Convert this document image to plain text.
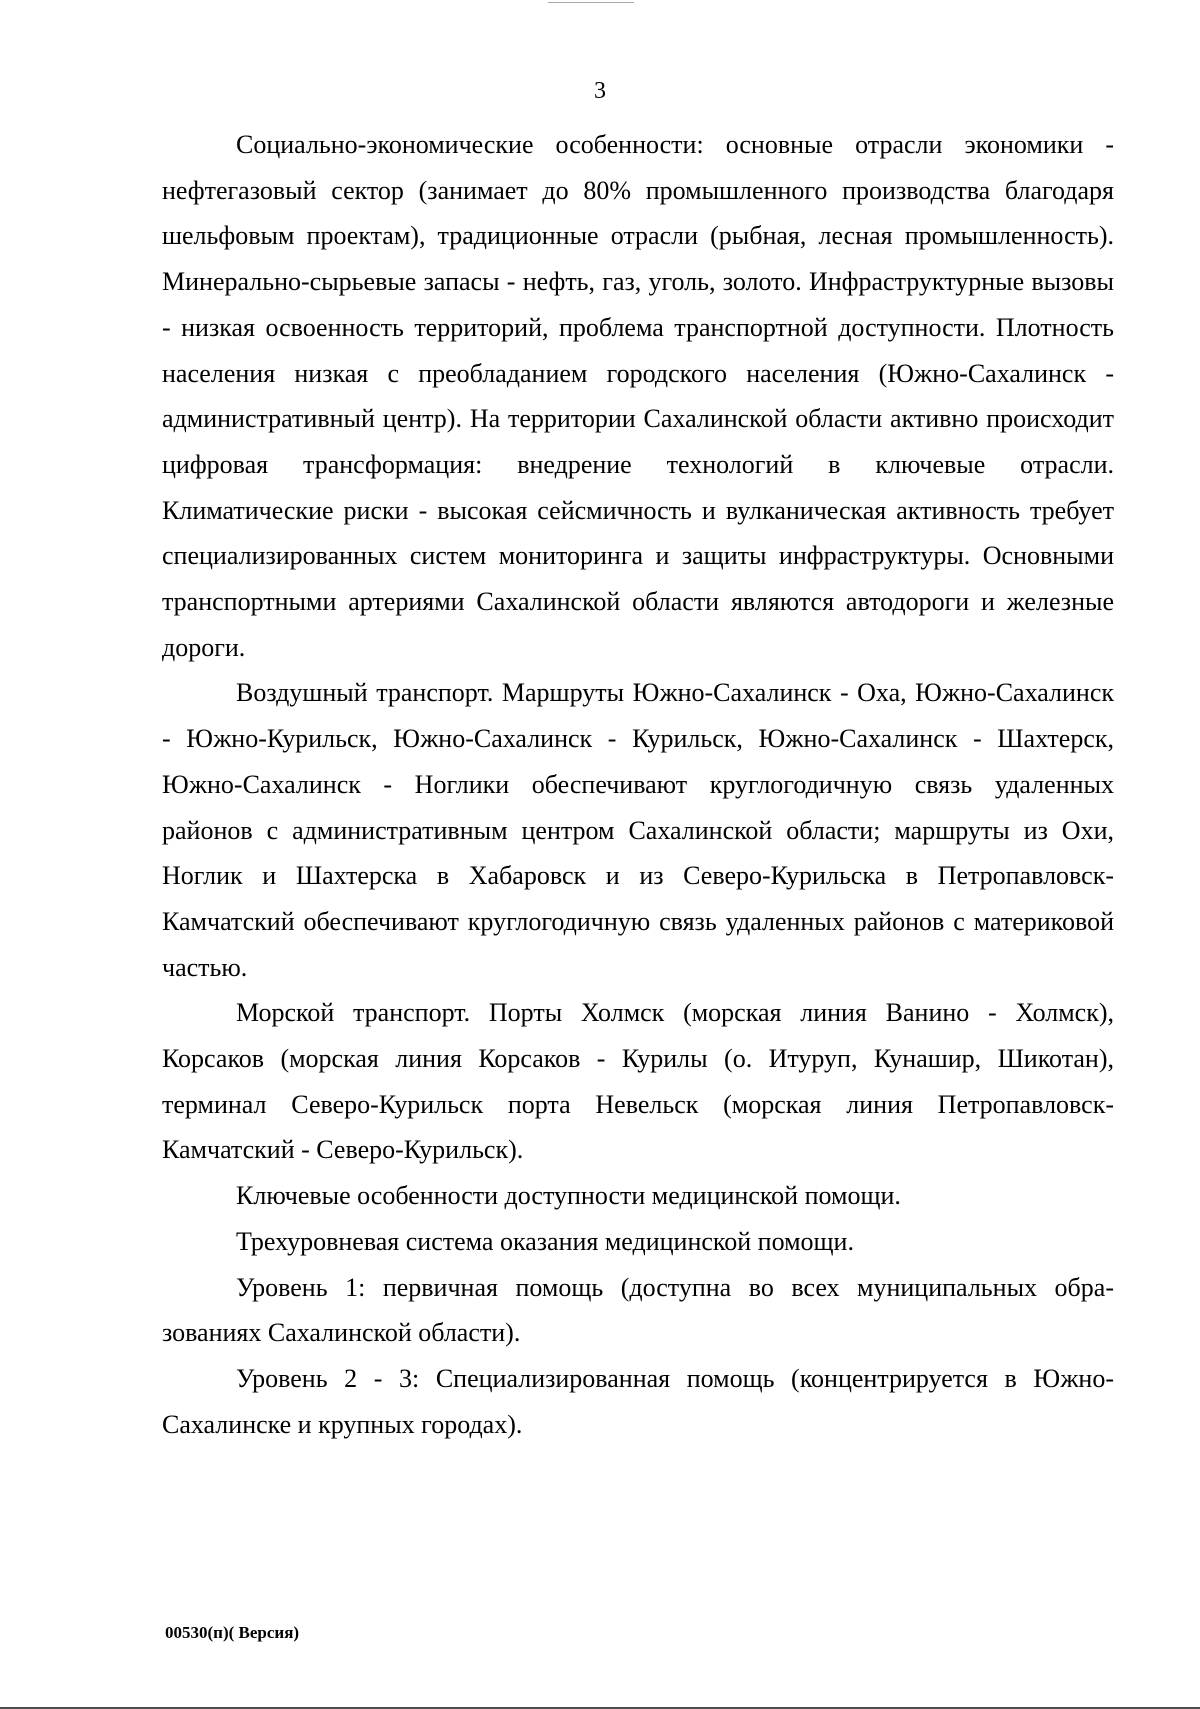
3

Социально-экономические особенности: основные отрасли экономики - нефтегазовый сектор (занимает до 80% промышленного производства благодаря шельфовым проектам), традиционные отрасли (рыбная, лесная промышленность). Минерально-сырьевые запасы - нефть, газ, уголь, золото. Инфраструктурные вызовы - низкая освоенность территорий, проблема транспортной доступности. Плотность населения низкая с преобладанием городского населения (Южно-Сахалинск - административный центр). На территории Сахалинской области активно происходит цифровая трансформация: внедрение технологий в ключевые отрасли. Климатические риски - высокая сейсмичность и вулканическая активность требует специализированных систем мониторинга и защиты инфраструктуры. Основными транспортными артериями Сахалинской области являются автодороги и железные дороги.

Воздушный транспорт. Маршруты Южно-Сахалинск - Оха, Южно-Сахалинск - Южно-Курильск, Южно-Сахалинск - Курильск, Южно-Сахалинск - Шахтерск, Южно-Сахалинск - Ноглики обеспечивают круглогодичную связь удаленных районов с административным центром Сахалинской области; маршруты из Охи, Ноглик и Шахтерска в Хабаровск и из Северо-Курильска в Петропавловск-Камчатский обеспечивают круглогодичную связь удаленных районов с материковой частью.

Морской транспорт. Порты Холмск (морская линия Ванино - Холмск), Корсаков (морская линия Корсаков - Курилы (о. Итуруп, Кунашир, Шикотан), терминал Северо-Курильск порта Невельск (морская линия Петропавловск-Камчатский - Северо-Курильск).

Ключевые особенности доступности медицинской помощи.

Трехуровневая система оказания медицинской помощи.

Уровень 1: первичная помощь (доступна во всех муниципальных образованиях Сахалинской области).

Уровень 2 - 3: Специализированная помощь (концентрируется в Южно-Сахалинске и крупных городах).

00530(п)( Версия)
